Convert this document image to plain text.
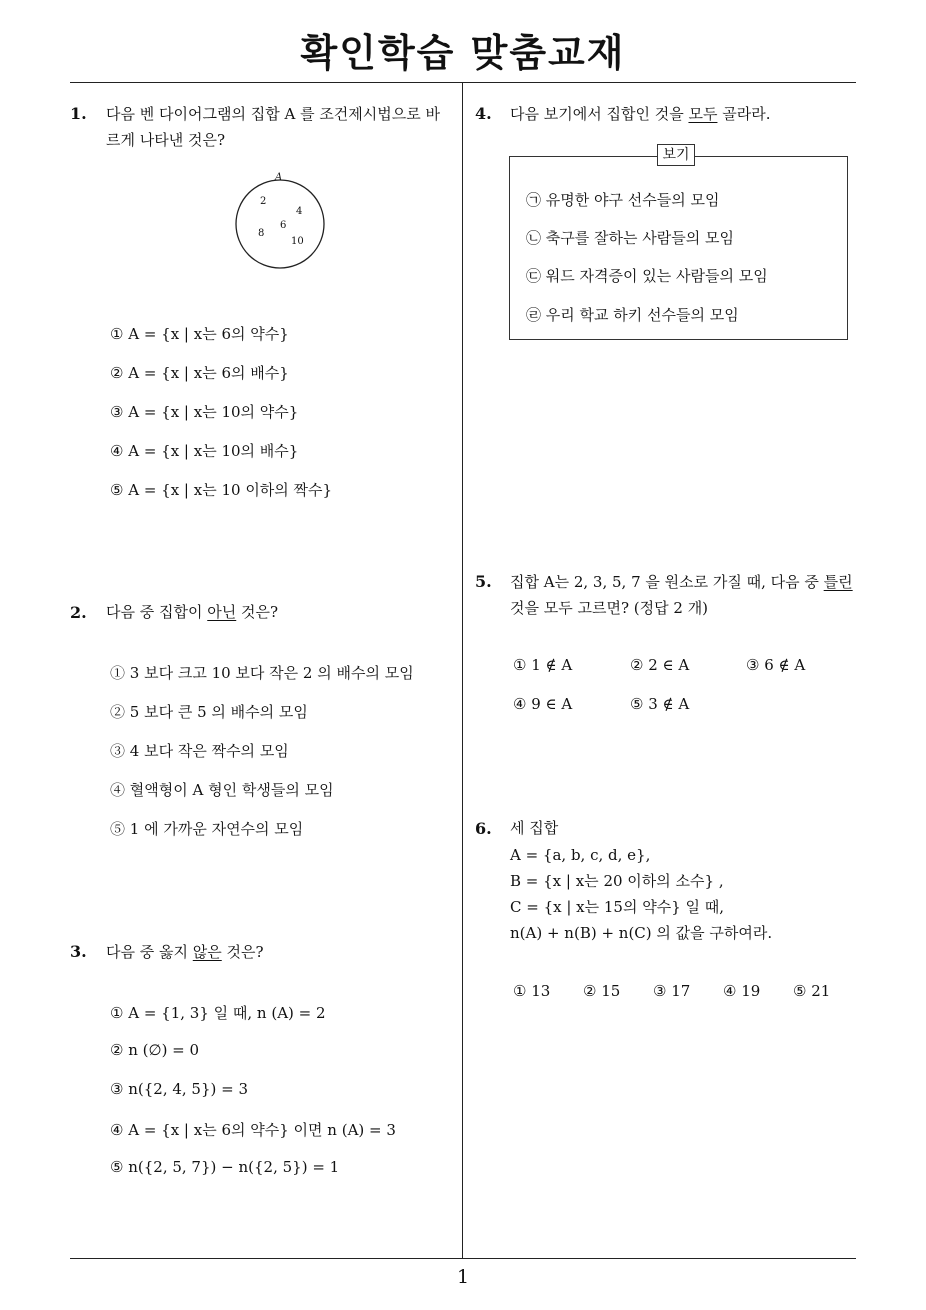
확인학습 맞춤교재
1
1. 다음 벤 다이어그램의 집합 A 를 조건제시법으로 바
르게 나타낸 것은?
A
2
4
6
8
10
① A = {x | x는 6의 약수}
② A = {x | x는 6의 배수}
③ A = {x | x는 10의 약수}
④ A = {x | x는 10의 배수}
⑤ A = {x | x는 10 이하의 짝수}
2. 다음 중 집합이 아닌 것은?
① 3 보다 크고 10 보다 작은 2 의 배수의 모임
② 5 보다 큰 5 의 배수의 모임
③ 4 보다 작은 짝수의 모임
④ 혈액형이 A 형인 학생들의 모임
⑤ 1 에 가까운 자연수의 모임
3. 다음 중 옳지 않은 것은?
① A = {1, 3} 일 때, n (A) = 2
② n (∅) = 0
③ n({2, 4, 5}) = 3
④ A = {x | x는 6의 약수} 이면 n (A) = 3
⑤ n({2, 5, 7}) − n({2, 5}) = 1
4. 다음 보기에서 집합인 것을 모두 골라라.
보기
㉠ 유명한 야구 선수들의 모임
㉡ 축구를 잘하는 사람들의 모임
㉢ 워드 자격증이 있는 사람들의 모임
㉣ 우리 학교 하키 선수들의 모임
5. 집합 A는 2, 3, 5, 7 을 원소로 가질 때, 다음 중 틀린
것을 모두 고르면? (정답 2 개)
① 1 ∉ A	② 2 ∈ A	③ 6 ∉ A
④ 9 ∈ A	⑤ 3 ∉ A
6. 세 집합
A = {a, b, c, d, e},
B = {x | x는 20 이하의 소수} ,
C = {x | x는 15의 약수} 일 때,
n(A) + n(B) + n(C) 의 값을 구하여라.
① 13 ② 15 ③ 17 ④ 19 ⑤ 21
